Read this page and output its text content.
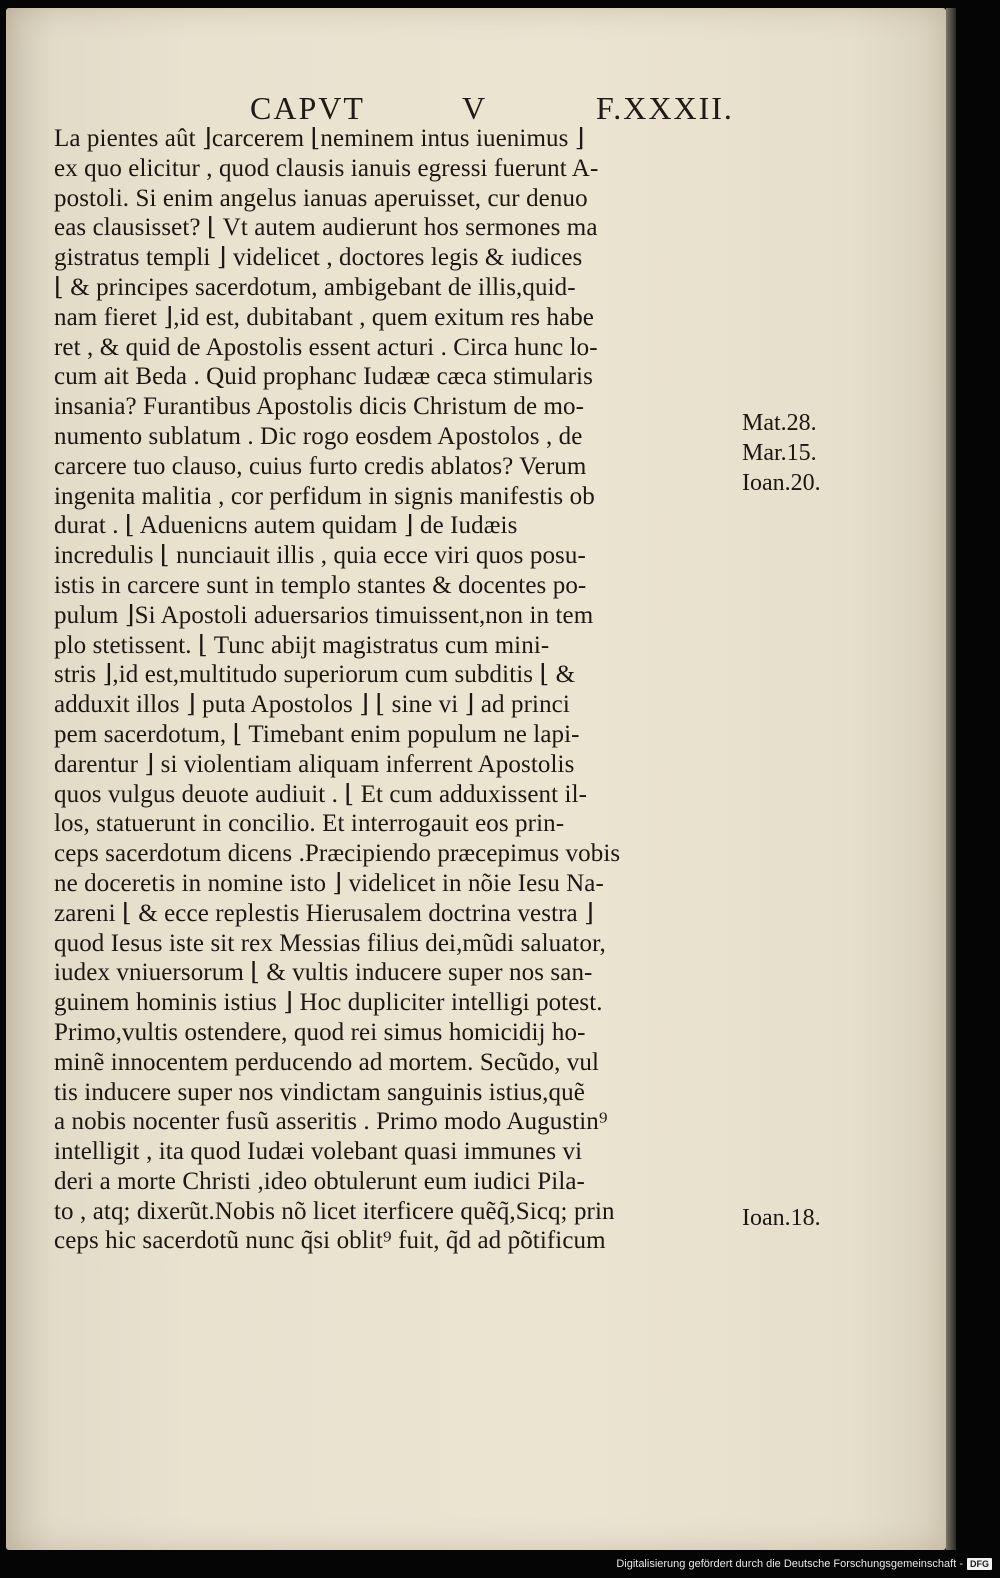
CAPVT	V	F.XXXII.
La pientes aût ⌋carcerem ⌊neminem intus iuenimus ⌋
ex quo elicitur , quod clausis ianuis egressi fuerunt A-
postoli. Si enim angelus ianuas aperuisset, cur denuo
eas clausisset? ⌊ Vt autem audierunt hos sermones ma
gistratus templi ⌋ videlicet , doctores legis & iudices
⌊ & principes sacerdotum, ambigebant de illis,quid-
nam fieret ⌋,id est, dubitabant , quem exitum res habe
ret , & quid de Apostolis essent acturi . Circa hunc lo-
cum ait Beda . Quid prophanc Iudææ cæca stimularis
insania? Furantibus Apostolis dicis Christum de mo-
numento sublatum . Dic rogo eosdem Apostolos , de
carcere tuo clauso, cuius furto credis ablatos? Verum
ingenita malitia , cor perfidum in signis manifestis ob
durat . ⌊ Aduenicns autem quidam ⌋ de Iudæis
incredulis ⌊ nunciauit illis , quia ecce viri quos posu-
istis in carcere sunt in templo stantes & docentes po-
pulum ⌋Si Apostoli aduersarios timuissent,non in tem
plo stetissent. ⌊ Tunc abijt magistratus cum mini-
stris ⌋,id est,multitudo superiorum cum subditis ⌊ &
adduxit illos ⌋ puta Apostolos ⌋ ⌊ sine vi ⌋ ad princi
pem sacerdotum, ⌊ Timebant enim populum ne lapi-
darentur ⌋ si violentiam aliquam inferrent Apostolis
quos vulgus deuote audiuit . ⌊ Et cum adduxissent il-
los, statuerunt in concilio. Et interrogauit eos prin-
ceps sacerdotum dicens .Præcipiendo præcepimus vobis
ne doceretis in nomine isto ⌋ videlicet in nõie Iesu Na-
zareni ⌊ & ecce replestis Hierusalem doctrina vestra ⌋
quod Iesus iste sit rex Messias filius dei,mũdi saluator,
iudex vniuersorum ⌊ & vultis inducere super nos san-
guinem hominis istius ⌋ Hoc dupliciter intelligi potest.
Primo,vultis ostendere, quod rei simus homicidij ho-
minẽ innocentem perducendo ad mortem. Secũdo, vul
tis inducere super nos vindictam sanguinis istius,quẽ
a nobis nocenter fusũ asseritis . Primo modo Augustin⁹
intelligit , ita quod Iudæi volebant quasi immunes vi
deri a morte Christi ,ideo obtulerunt eum iudici Pila-
to , atq; dixerũt.Nobis nõ licet iterficere quẽq̃,Sicq; prin
ceps hic sacerdotũ nunc q̃si oblit⁹ fuit, q̃d ad põtificum
Mat.28.
Mar.15.
Ioan.20.
Ioan.18.
Digitalisierung gefördert durch die Deutsche Forschungsgemeinschaft - DFG
